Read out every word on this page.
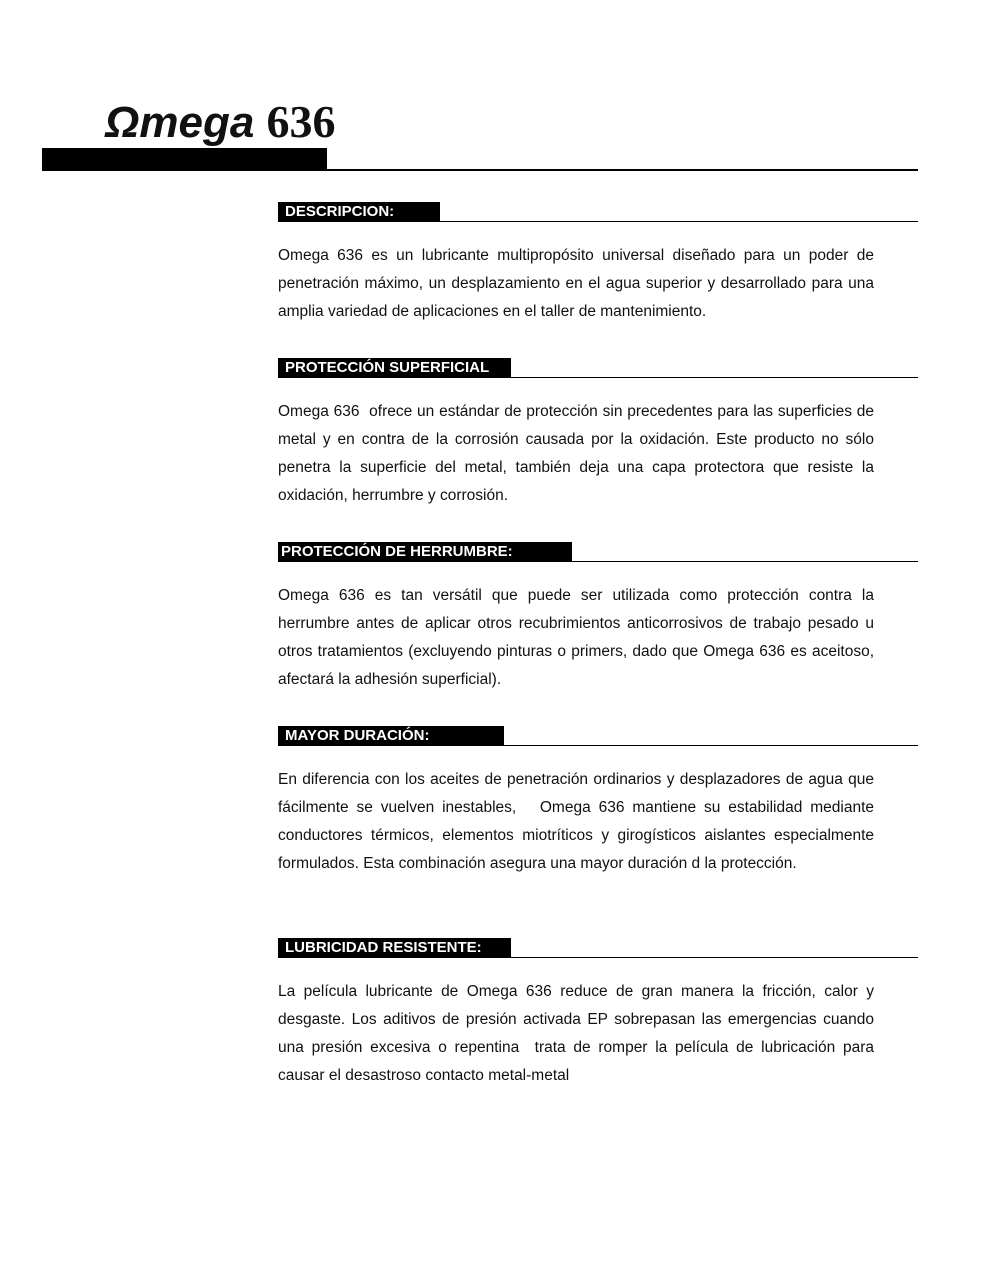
Ωmega 636
DESCRIPCION:

Omega 636 es un lubricante multipropósito universal diseñado para un poder de penetración máximo, un desplazamiento en el agua superior y desarrollado para una amplia variedad de aplicaciones en el taller de mantenimiento.

PROTECCIÓN SUPERFICIAL

Omega 636  ofrece un estándar de protección sin precedentes para las superficies de metal y en contra de la corrosión causada por la oxidación. Este producto no sólo penetra la superficie del metal, también deja una capa protectora que resiste la oxidación, herrumbre y corrosión.

PROTECCIÓN DE HERRUMBRE:

Omega 636 es tan versátil que puede ser utilizada como protección contra la herrumbre antes de aplicar otros recubrimientos anticorrosivos de trabajo pesado u otros tratamientos (excluyendo pinturas o primers, dado que Omega 636 es aceitoso, afectará la adhesión superficial).

MAYOR DURACIÓN:

En diferencia con los aceites de penetración ordinarios y desplazadores de agua que fácilmente se vuelven inestables,   Omega 636 mantiene su estabilidad mediante conductores térmicos, elementos miotríticos y girogísticos aislantes especialmente formulados. Esta combinación asegura una mayor duración d la protección.

LUBRICIDAD RESISTENTE:

La película lubricante de Omega 636 reduce de gran manera la fricción, calor y desgaste. Los aditivos de presión activada EP sobrepasan las emergencias cuando una presión excesiva o repentina  trata de romper la película de lubricación para causar el desastroso contacto metal-metal
